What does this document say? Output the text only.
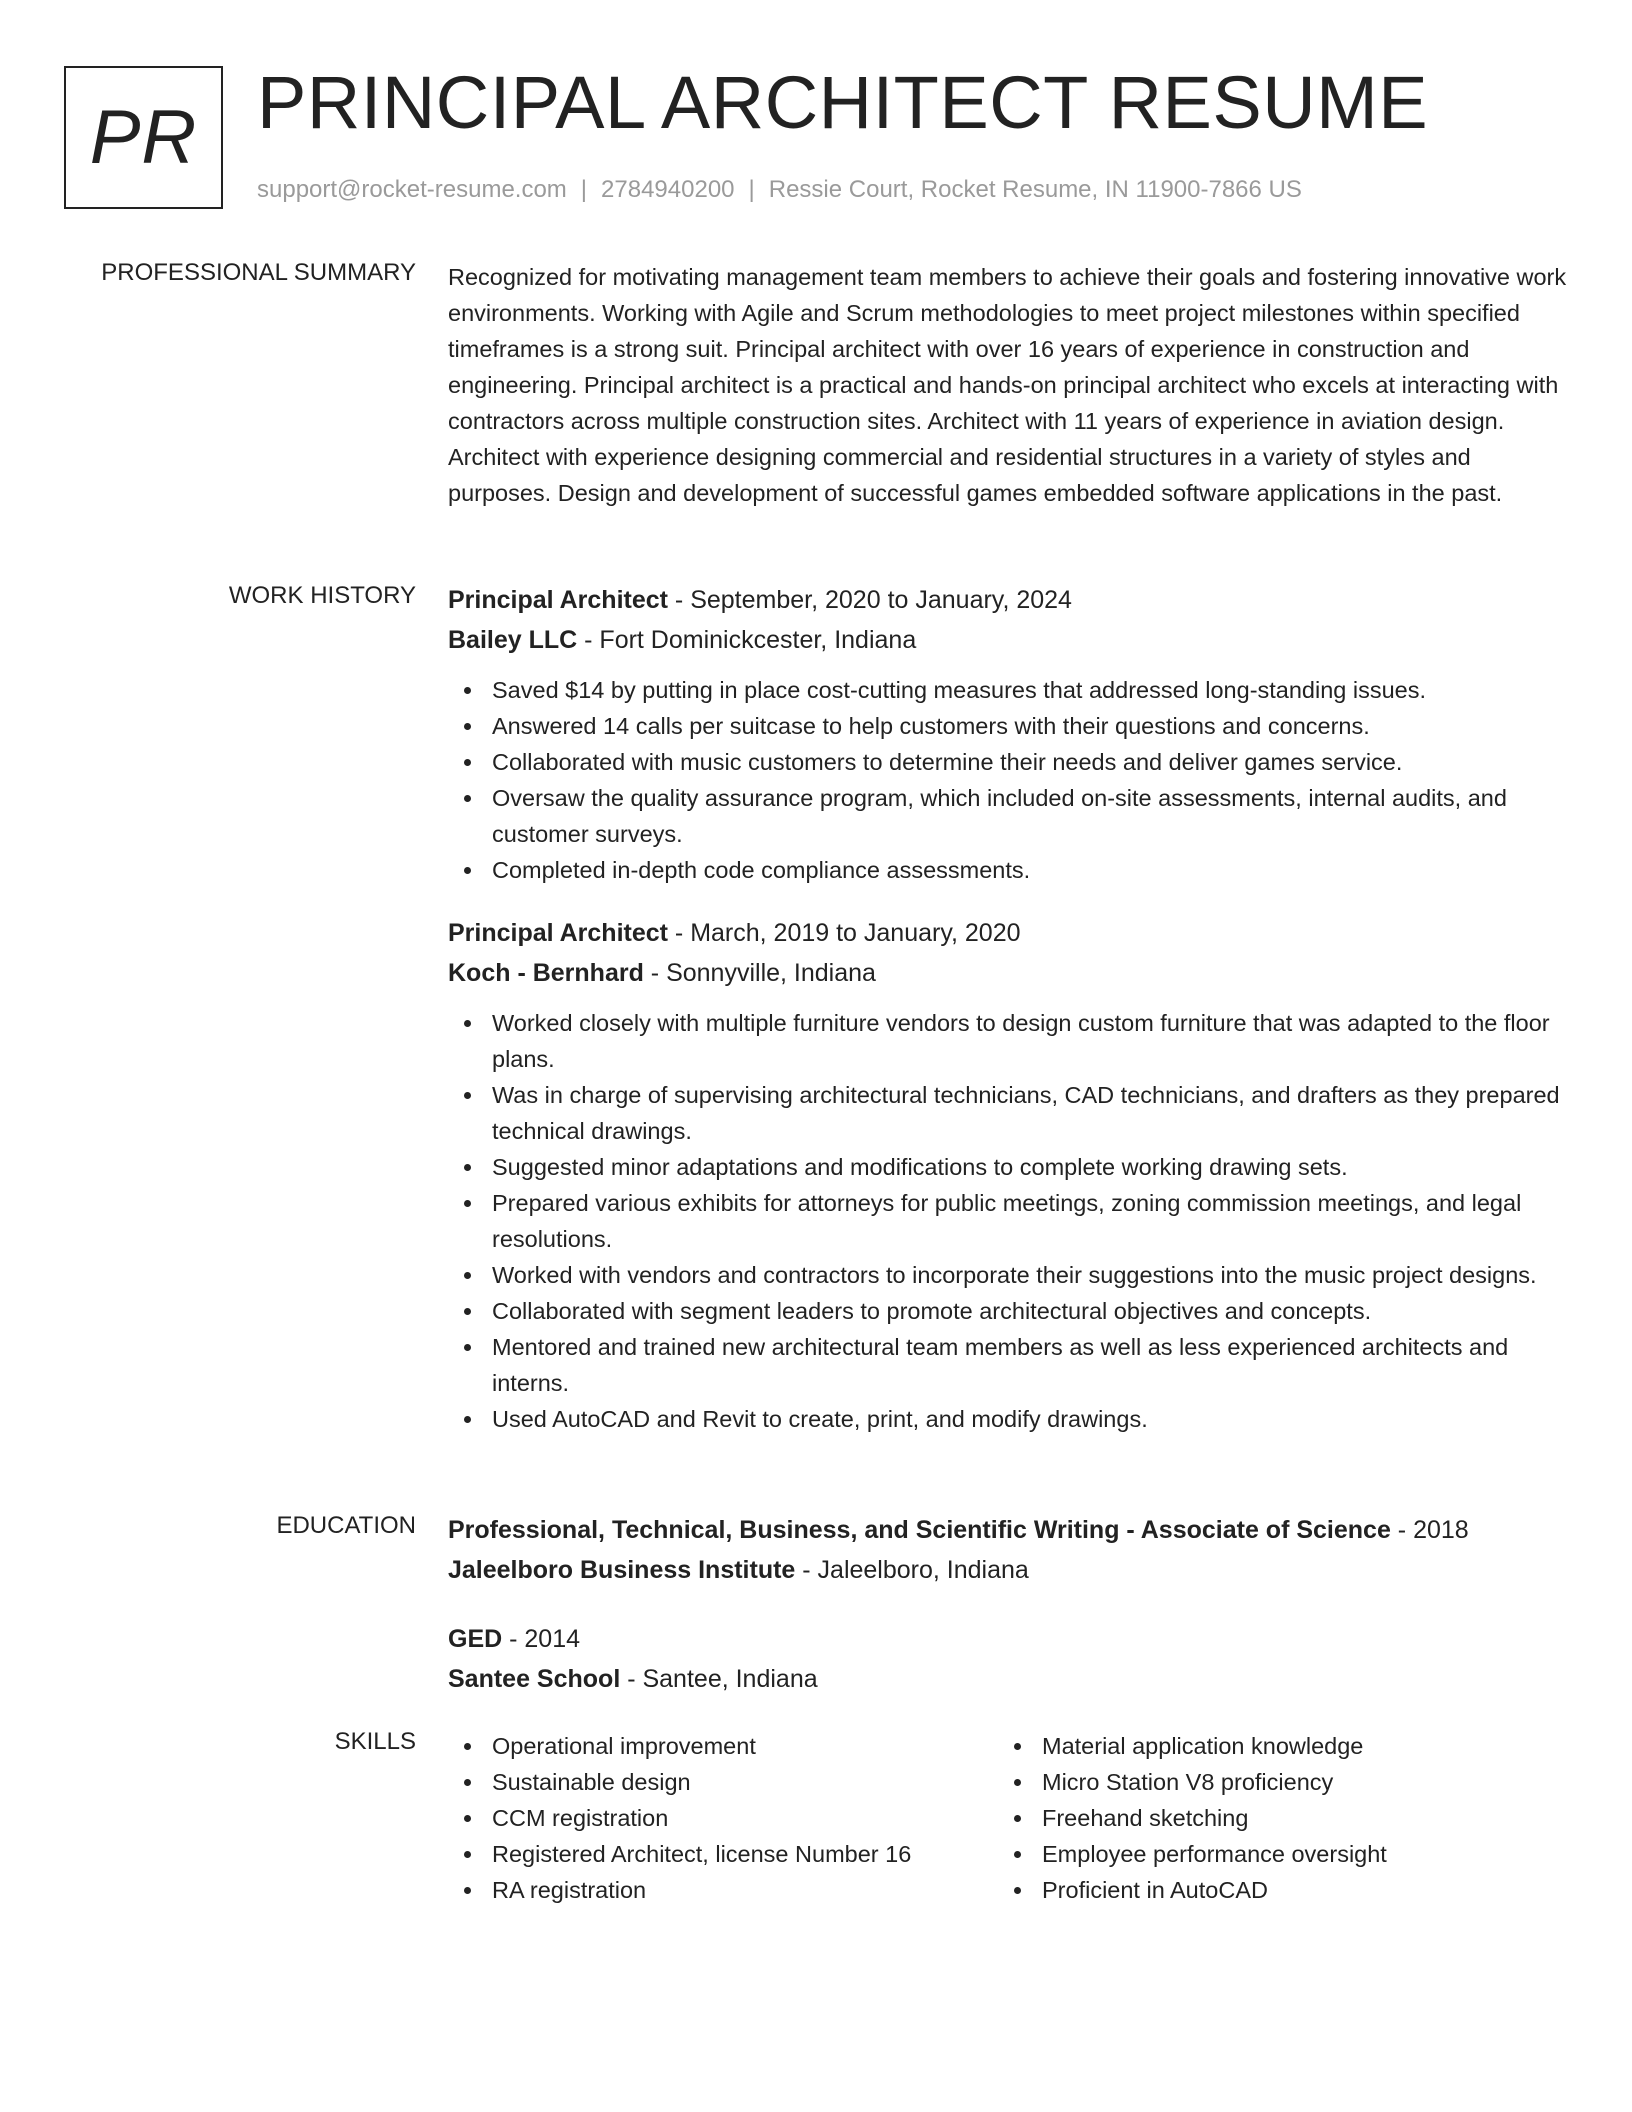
PR PRINCIPAL ARCHITECT RESUME
support@rocket-resume.com | 2784940200 | Ressie Court, Rocket Resume, IN 11900-7866 US
PROFESSIONAL SUMMARY Recognized for motivating management team members to achieve their goals and fostering innovative work environments. Working with Agile and Scrum methodologies to meet project milestones within specified timeframes is a strong suit. Principal architect with over 16 years of experience in construction and engineering. Principal architect is a practical and hands-on principal architect who excels at interacting with contractors across multiple construction sites. Architect with 11 years of experience in aviation design. Architect with experience designing commercial and residential structures in a variety of styles and purposes. Design and development of successful games embedded software applications in the past.

WORK HISTORY Principal Architect - September, 2020 to January, 2024
Bailey LLC - Fort Dominickcester, Indiana
Saved $14 by putting in place cost-cutting measures that addressed long-standing issues.
Answered 14 calls per suitcase to help customers with their questions and concerns.
Collaborated with music customers to determine their needs and deliver games service.
Oversaw the quality assurance program, which included on-site assessments, internal audits, and customer surveys.
Completed in-depth code compliance assessments.
Principal Architect - March, 2019 to January, 2020
Koch - Bernhard - Sonnyville, Indiana
Worked closely with multiple furniture vendors to design custom furniture that was adapted to the floor plans.
Was in charge of supervising architectural technicians, CAD technicians, and drafters as they prepared technical drawings.
Suggested minor adaptations and modifications to complete working drawing sets.
Prepared various exhibits for attorneys for public meetings, zoning commission meetings, and legal resolutions.
Worked with vendors and contractors to incorporate their suggestions into the music project designs.
Collaborated with segment leaders to promote architectural objectives and concepts.
Mentored and trained new architectural team members as well as less experienced architects and interns.
Used AutoCAD and Revit to create, print, and modify drawings.
EDUCATION Professional, Technical, Business, and Scientific Writing - Associate of Science - 2018
Jaleelboro Business Institute - Jaleelboro, Indiana
GED - 2014
Santee School - Santee, Indiana
SKILLS	Operational improvement
Sustainable design
CCM registration
Registered Architect, license Number 16
RA registration
Material application knowledge
Micro Station V8 proficiency
Freehand sketching
Employee performance oversight
Proficient in AutoCAD
